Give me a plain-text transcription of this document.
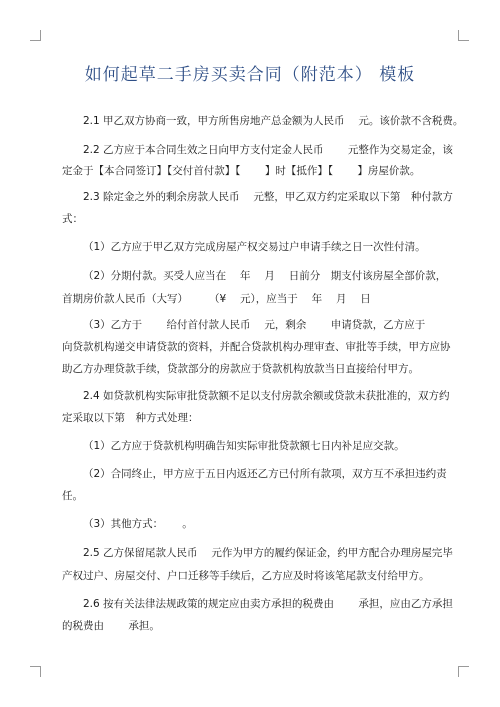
如何起草二手房买卖合同（附范本） 模板
2.1 甲乙双方协商一致，甲方所售房地产总金额为人民币　 元。该价款不含税费。
2.2 乙方应于本合同生效之日向甲方支付定金人民币　　 元整作为交易定金，该
定金于【本合同签订】【交付首付款】【　　 】时【抵作】【　　 】房屋价款。
2.3 除定金之外的剩余房款人民币　 元整，甲乙双方约定采取以下第　种付款方
式：
（1）乙方应于甲乙双方完成房屋产权交易过户申请手续之日一次性付清。
（2）分期付款。买受人应当在　 年　 月　 日前分　期支付该房屋全部价款，
首期房价款人民币（大写）　　　（¥　 元），应当于　 年　 月　 日
（3）乙方于　　 给付首付款人民币　 元，剩余　　 申请贷款，乙方应于
向贷款机构递交申请贷款的资料，并配合贷款机构办理审查、审批等手续，甲方应协
助乙方办理贷款手续，贷款部分的房款应于贷款机构放款当日直接给付甲方。
2.4 如贷款机构实际审批贷款额不足以支付房款余额或贷款未获批准的，双方约
定采取以下第　种方式处理：
（1）乙方应于贷款机构明确告知实际审批贷款额七日内补足应交款。
（2）合同终止，甲方应于五日内返还乙方已付所有款项，双方互不承担违约责
任。
（3）其他方式：　　 。
2.5 乙方保留尾款人民币　 元作为甲方的履约保证金，约甲方配合办理房屋完毕
产权过户、房屋交付、户口迁移等手续后，乙方应及时将该笔尾款支付给甲方。
2.6 按有关法律法规政策的规定应由卖方承担的税费由　　 承担，应由乙方承担
的税费由　　 承担。
